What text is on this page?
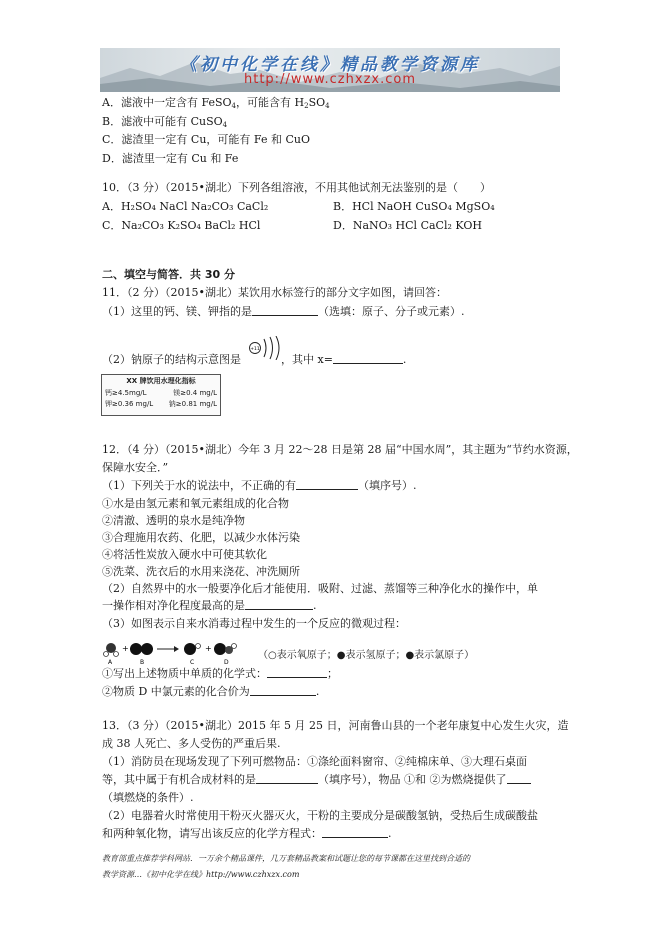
《初中化学在线》精品教学资源库
http://www.czhxzx.com
A．滤液中一定含有 FeSO$_4$，可能含有 $H_2SO_4$
B．滤液中可能有 CuSO$_4$
C．滤渣里一定有 Cu，可能有 Fe 和 CuO
D．滤渣里一定有 Cu 和 Fe
10．（3 分）（2015•湖北）下列各组溶液，不用其他试剂无法鉴别的是（　　）
A．H₂SO₄ NaCl Na₂CO₃ CaCl₂	B．HCl NaOH CuSO₄ MgSO₄
C．Na₂CO₃ K₂SO₄ BaCl₂ HCl	D．NaNO₃ HCl CaCl₂ KOH
二、填空与简答．共 30 分
11．（2 分）（2015•湖北）某饮用水标签行的部分文字如图，请回答：
（1）这里的钙、镁、钾指的是	（选填：原子、分子或元素）.
+11
（2）钠原子的结构示意图是	，其中 x=	.
XX 牌饮用水理化指标
钙≥4.5mg/L	镁≥0.4 mg/L
钾≥0.36 mg/L 钠≥0.81 mg/L
12．（4 分）（2015•湖北）今年 3 月 22～28 日是第 28 届“中国水周”，其主题为“节约水资源，
保障水安全．”
（1）下列关于水的说法中，不正确的有	（填序号）.
①水是由氢元素和氧元素组成的化合物
②清澈、透明的泉水是纯净物
③合理施用农药、化肥，以减少水体污染
④将活性炭放入硬水中可使其软化
⑤洗菜、洗衣后的水用来浇花、冲洗厕所
（2）自然界中的水一般要净化后才能使用．吸附、过滤、蒸馏等三种净化水的操作中，单
一操作相对净化程度最高的是	.
（3）如图表示自来水消毒过程中发生的一个反应的微观过程：
+	+
A	B	C	D
（○表示氧原子；●表示氢原子；●表示氯原子）
①写出上述物质中单质的化学式：	；
②物质 D 中氯元素的化合价为	.
13．（3 分）（2015•湖北）2015 年 5 月 25 日，河南鲁山县的一个老年康复中心发生火灾，造
成 38 人死亡、多人受伤的严重后果.
（1）消防员在现场发现了下列可燃物品：①涤纶面料窗帘、②纯棉床单、③大理石桌面
等，其中属于有机合成材料的是	（填序号），物品 ①和 ②为燃烧提供了
（填燃烧的条件）.
（2）电器着火时常使用干粉灭火器灭火，干粉的主要成分是碳酸氢钠，受热后生成碳酸盐
和两种氧化物，请写出该反应的化学方程式：	.
教育部重点推荐学科网站．一万余个精品课件，几万套精品教案和试题让您的每节课都在这里找到合适的
教学资源…《初中化学在线》http://www.czhxzx.com
